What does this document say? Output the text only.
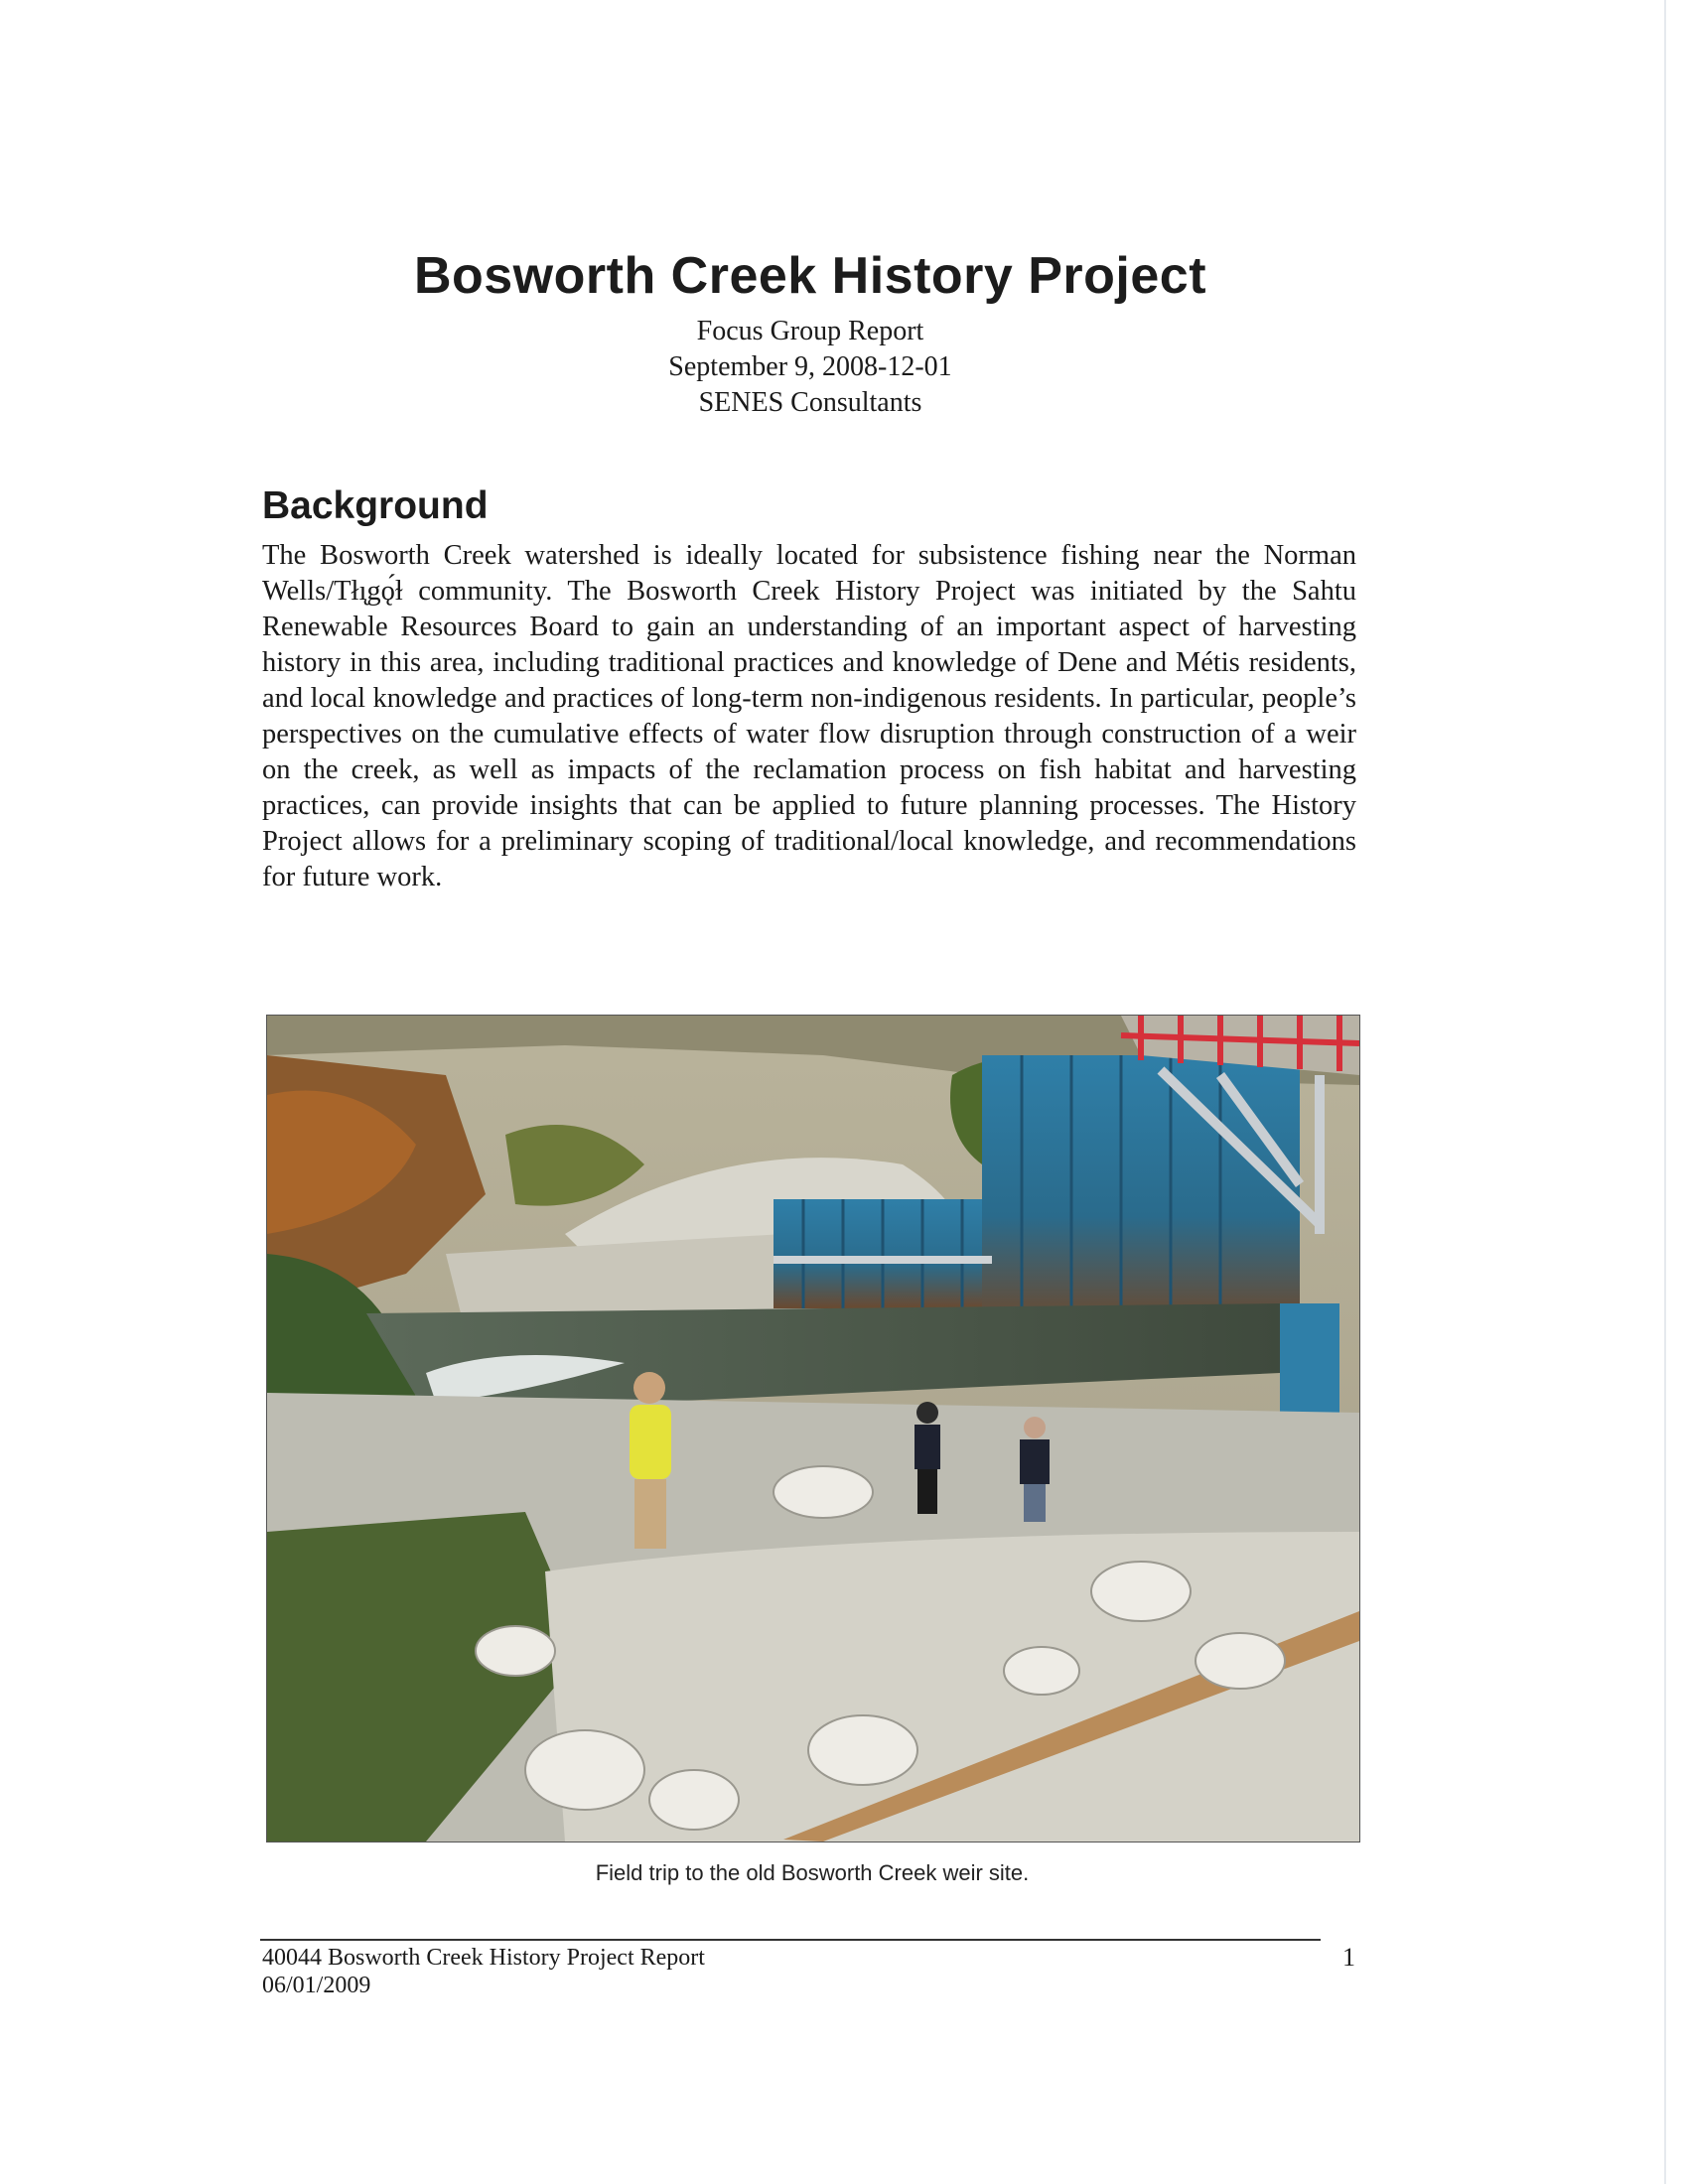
Bosworth Creek History Project
Focus Group Report
September 9, 2008-12-01
SENES Consultants
Background

The Bosworth Creek watershed is ideally located for subsistence fishing near the Norman Wells/Tłı̨gǫ́ɫ community. The Bosworth Creek History Project was initiated by the Sahtu Renewable Resources Board to gain an understanding of an important aspect of harvesting history in this area, including traditional practices and knowledge of Dene and Métis residents, and local knowledge and practices of long-term non-indigenous residents. In particular, people’s perspectives on the cumulative effects of water flow disruption through construction of a weir on the creek, as well as impacts of the reclamation process on fish habitat and harvesting practices, can provide insights that can be applied to future planning processes. The History Project allows for a preliminary scoping of traditional/local knowledge, and recommendations for future work.

Field trip to the old Bosworth Creek weir site.
40044 Bosworth Creek History Project Report
06/01/2009
1
